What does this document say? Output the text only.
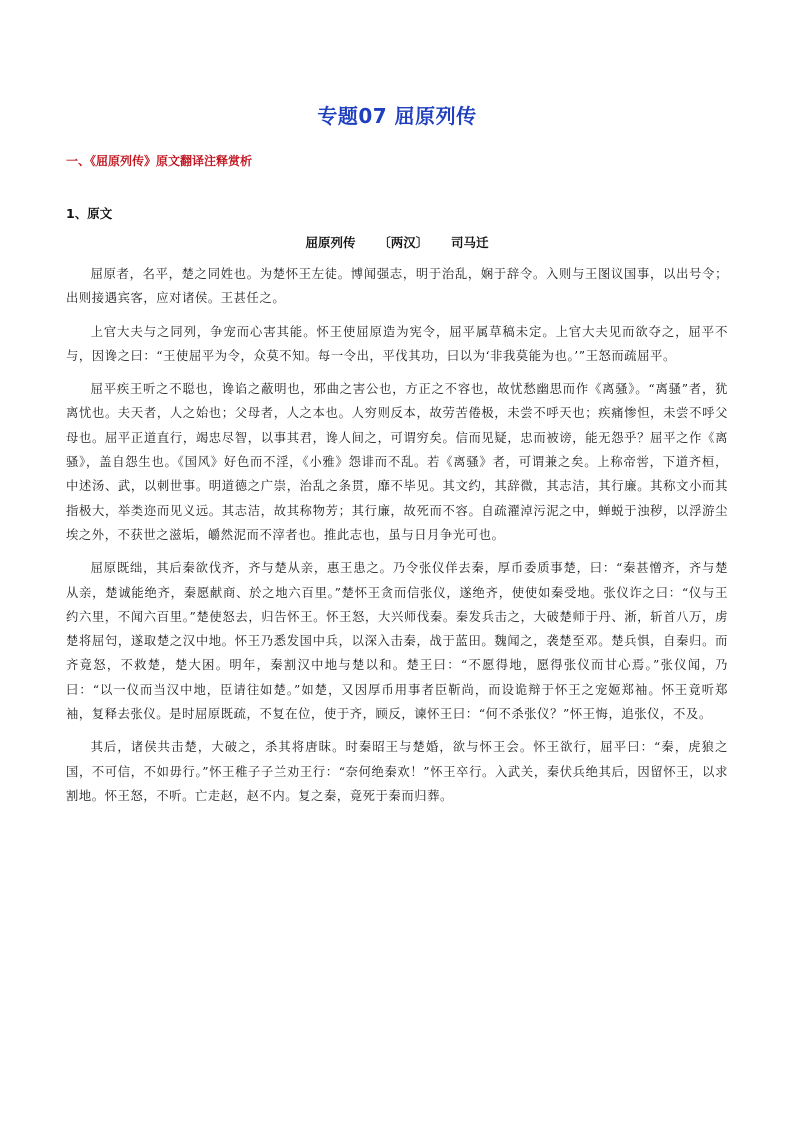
专题07 屈原列传
一、《屈原列传》原文翻译注释赏析
1、原文
屈原列传 〔两汉〕 司马迁

屈原者，名平，楚之同姓也。为楚怀王左徒。博闻强志，明于治乱，娴于辞令。入则与王图议国事，以出号令；出则接遇宾客，应对诸侯。王甚任之。

上官大夫与之同列，争宠而心害其能。怀王使屈原造为宪令，屈平属草稿未定。上官大夫见而欲夺之，屈平不与，因谗之曰：“王使屈平为令，众莫不知。每一令出，平伐其功，曰以为‘非我莫能为也。’”王怒而疏屈平。

屈平疾王听之不聪也，谗谄之蔽明也，邪曲之害公也，方正之不容也，故忧愁幽思而作《离骚》。“离骚”者，犹离忧也。夫天者，人之始也；父母者，人之本也。人穷则反本，故劳苦倦极，未尝不呼天也；疾痛惨怛，未尝不呼父母也。屈平正道直行，竭忠尽智，以事其君，谗人间之，可谓穷矣。信而见疑，忠而被谤，能无怨乎？屈平之作《离骚》，盖自怨生也。《国风》好色而不淫，《小雅》怨诽而不乱。若《离骚》者，可谓兼之矣。上称帝喾，下道齐桓，中述汤、武，以刺世事。明道德之广崇，治乱之条贯，靡不毕见。其文约，其辞微，其志洁，其行廉。其称文小而其指极大，举类迩而见义远。其志洁，故其称物芳；其行廉，故死而不容。自疏濯淖污泥之中，蝉蜕于浊秽，以浮游尘埃之外，不获世之滋垢，皭然泥而不滓者也。推此志也，虽与日月争光可也。

屈原既绌，其后秦欲伐齐，齐与楚从亲，惠王患之。乃令张仪佯去秦，厚币委质事楚，曰：“秦甚憎齐，齐与楚从亲，楚诚能绝齐，秦愿献商、於之地六百里。”楚怀王贪而信张仪，遂绝齐，使使如秦受地。张仪诈之曰：“仪与王约六里，不闻六百里。”楚使怒去，归告怀王。怀王怒，大兴师伐秦。秦发兵击之，大破楚师于丹、淅，斩首八万，虏楚将屈匄，遂取楚之汉中地。怀王乃悉发国中兵，以深入击秦，战于蓝田。魏闻之，袭楚至邓。楚兵惧，自秦归。而齐竟怒，不救楚，楚大困。明年，秦割汉中地与楚以和。楚王曰：“不愿得地，愿得张仪而甘心焉。”张仪闻，乃曰：“以一仪而当汉中地，臣请往如楚。”如楚，又因厚币用事者臣靳尚，而设诡辩于怀王之宠姬郑袖。怀王竟听郑袖，复释去张仪。是时屈原既疏，不复在位，使于齐，顾反，谏怀王曰：“何不杀张仪？”怀王悔，追张仪，不及。

其后，诸侯共击楚，大破之，杀其将唐眜。时秦昭王与楚婚，欲与怀王会。怀王欲行，屈平曰：“秦，虎狼之国，不可信，不如毋行。”怀王稚子子兰劝王行：“奈何绝秦欢！”怀王卒行。入武关，秦伏兵绝其后，因留怀王，以求割地。怀王怒，不听。亡走赵，赵不内。复之秦，竟死于秦而归葬。
